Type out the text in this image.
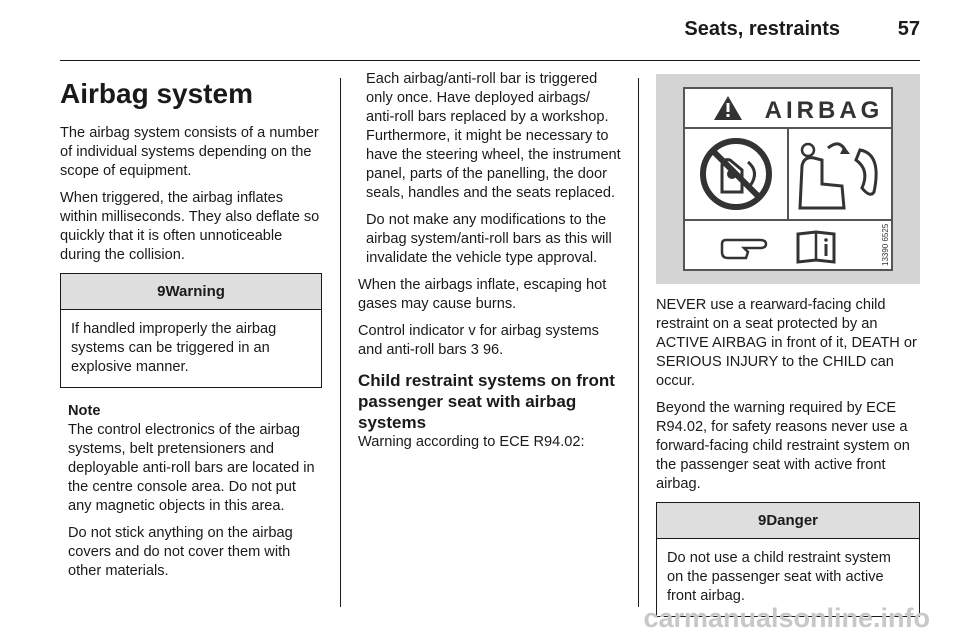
Seats, restraints	57
Airbag system

The airbag system consists of a number of individual systems depending on the scope of equipment.

When triggered, the airbag inflates within milliseconds. They also deflate so quickly that it is often unnoticeable during the collision.

9Warning
If handled improperly the airbag systems can be triggered in an explosive manner.
Note

The control electronics of the airbag systems, belt pretensioners and deployable anti-roll bars are located in the centre console area. Do not put any magnetic objects in this area.

Do not stick anything on the airbag covers and do not cover them with other materials.

Each airbag/anti-roll bar is triggered only once. Have deployed airbags/ anti-roll bars replaced by a workshop. Furthermore, it might be necessary to have the steering wheel, the instrument panel, parts of the panelling, the door seals, handles and the seats replaced.

Do not make any modifications to the airbag system/anti-roll bars as this will invalidate the vehicle type approval.

When the airbags inflate, escaping hot gases may cause burns.

Control indicator v for airbag systems and anti-roll bars 3 96.

Child restraint systems on front passenger seat with airbag systems

Warning according to ECE R94.02:

AIRBAG
13390 6525

NEVER use a rearward-facing child restraint on a seat protected by an ACTIVE AIRBAG in front of it, DEATH or SERIOUS INJURY to the CHILD can occur.

Beyond the warning required by ECE R94.02, for safety reasons never use a forward-facing child restraint system on the passenger seat with active front airbag.

9Danger
Do not use a child restraint system on the passenger seat with active front airbag.
carmanualsonline.info
